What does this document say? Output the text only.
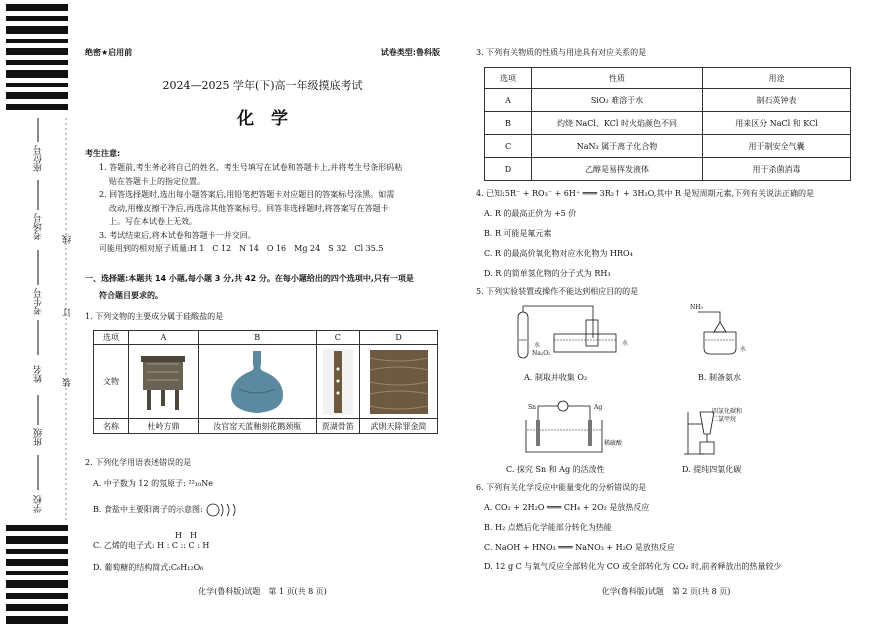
座位号
考场号
考生号
姓名
班级
学校
线
订
装
绝密★启用前	试卷类型:鲁科版
2024—2025 学年(下)高一年级摸底考试
化　学
考生注意:
1. 答题前,考生务必将自己的姓名、考生号填写在试卷和答题卡上,并将考生号条形码粘
贴在答题卡上的指定位置。
2. 回答选择题时,选出每小题答案后,用铅笔把答题卡对应题目的答案标号涂黑。如需
改动,用橡皮擦干净后,再选涂其他答案标号。回答非选择题时,将答案写在答题卡
上。写在本试卷上无效。
3. 考试结束后,将本试卷和答题卡一并交回。
可能用到的相对原子质量:H 1　C 12　N 14　O 16　Mg 24　S 32　Cl 35.5
一、选择题:本题共 14 小题,每小题 3 分,共 42 分。在每小题给出的四个选项中,只有一项是
符合题目要求的。
1. 下列文物的主要成分属于硅酸盐的是
选项	A	B	C	D
文物				
名称	杜岭方鼎	汝官窑天蓝釉刻花鹅颈瓶	贾湖骨笛	武則天除罪金简
2. 下列化学用语表述错误的是
A. 中子数为 12 的氖原子: ²²₁₀Ne
B. 食盐中主要阳离子的示意图:
H　H
C. 乙烯的电子式: H : C :: C : H
D. 葡萄糖的结构简式:C₆H₁₂O₆
化学(鲁科版)试题　第 1 页(共 8 页)
3. 下列有关物质的性质与用途具有对应关系的是
选项	性质	用途
A	SiO₂ 难溶于水	制石英钟表
B	灼烧 NaCl、KCl 时火焰颜色不同	用来区分 NaCl 和 KCl
C	NaN₃ 属于离子化合物	用于制安全气囊
D	乙醇是易挥发液体	用于杀菌消毒
4. 已知:5R⁻ + RO₃⁻ + 6H⁺ ═══ 3R₂↑ + 3H₂O,其中 R 是短周期元素,下列有关说法正确的是
A. R 的最高正价为 +5 价
B. R 可能是氟元素
C. R 的最高价氧化物对应水化物为 HRO₄
D. R 的简单氢化物的分子式为 RH₃
5. 下列实验装置或操作不能达到相应目的的是
水
Na₂O₂
水
A. 制取并收集 O₂
NH₃
水
B. 制备氨水
Sn	Ag
稀硫酸
C. 探究 Sn 和 Ag 的活泼性
四氯化碳和
二氯甲烷
D. 提纯四氯化碳
6. 下列有关化学反应中能量变化的分析错误的是
A. CO₂ + 2H₂O ═══ CH₄ + 2O₂ 是放热反应
B. H₂ 点燃后化学能部分转化为热能
C. NaOH + HNO₃ ═══ NaNO₃ + H₂O 是放热反应
D. 12 g C 与氧气反应全部转化为 CO 或全部转化为 CO₂ 时,前者释放出的热量较少
化学(鲁科版)试题　第 2 页(共 8 页)
